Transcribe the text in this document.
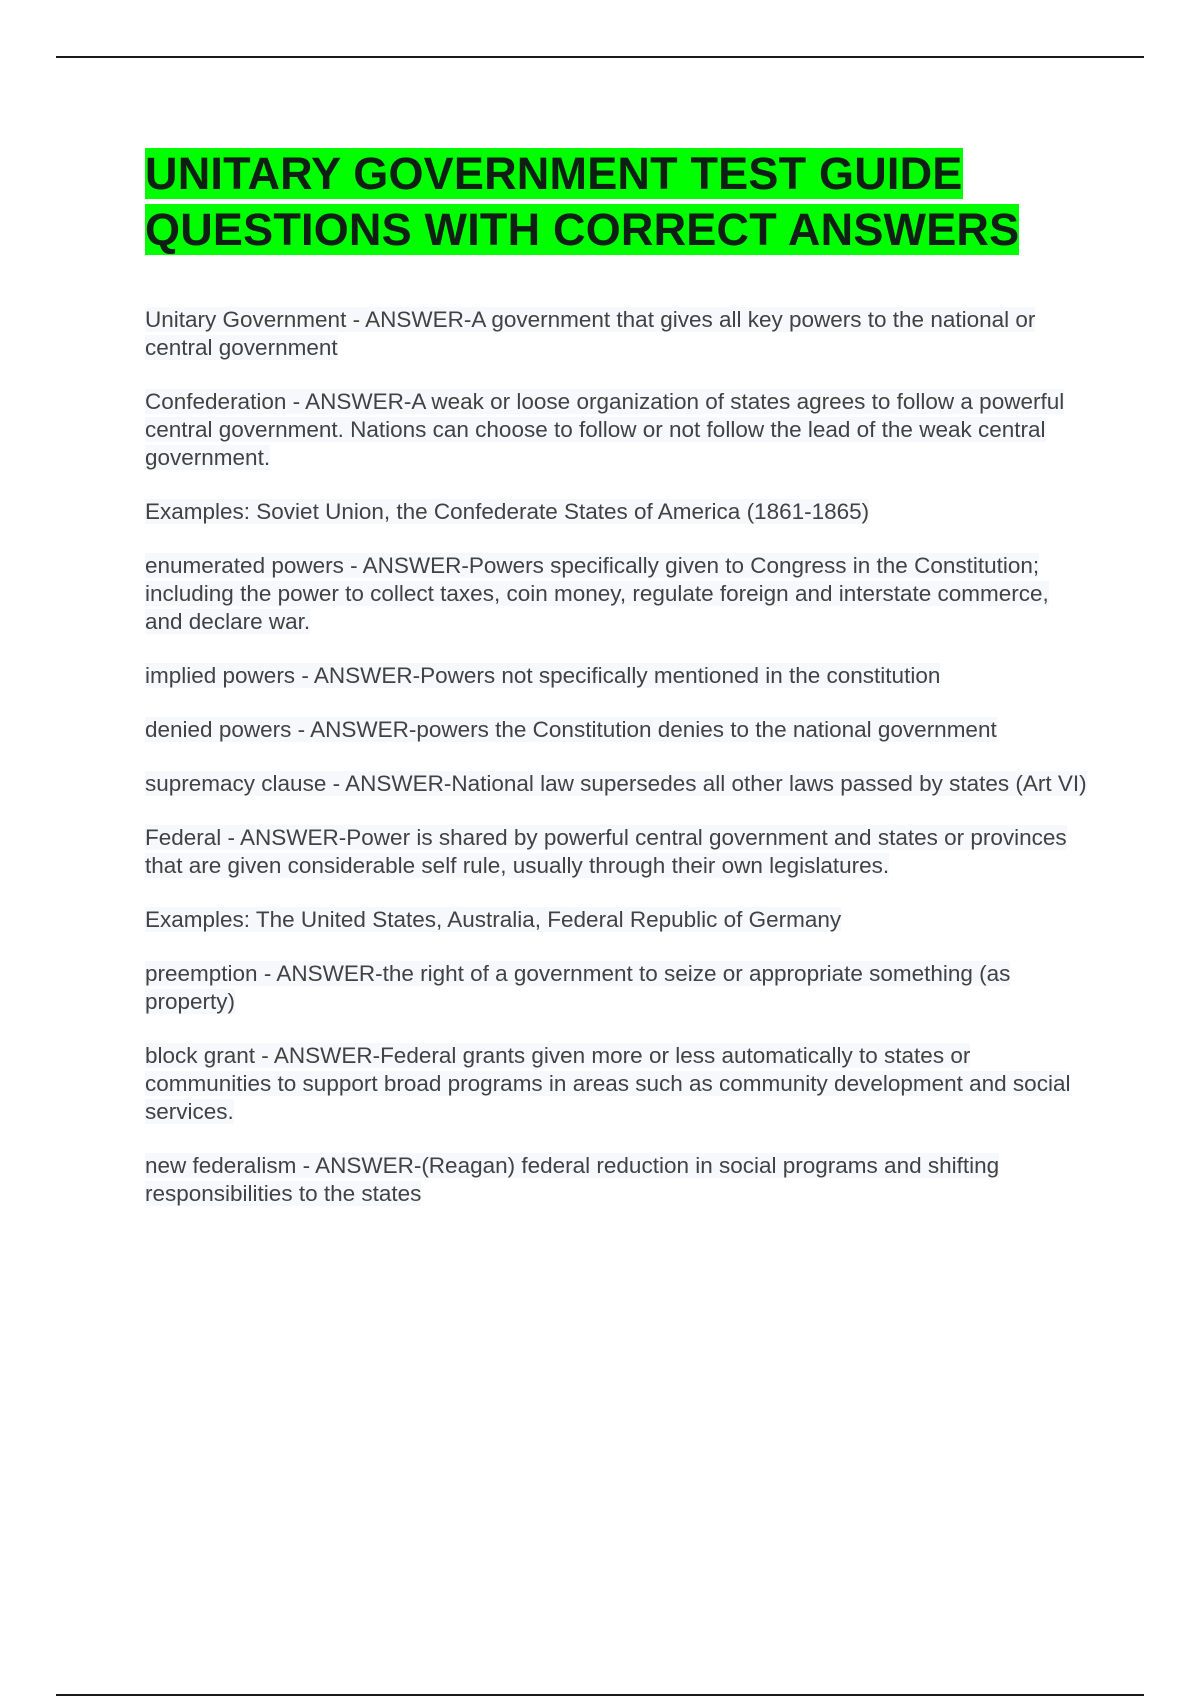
UNITARY GOVERNMENT TEST GUIDE
QUESTIONS WITH CORRECT ANSWERS

Unitary Government - ANSWER-A government that gives all key powers to the national or central government

Confederation - ANSWER-A weak or loose organization of states agrees to follow a powerful central government. Nations can choose to follow or not follow the lead of the weak central government.

Examples: Soviet Union, the Confederate States of America (1861-1865)

enumerated powers - ANSWER-Powers specifically given to Congress in the Constitution; including the power to collect taxes, coin money, regulate foreign and interstate commerce, and declare war.

implied powers - ANSWER-Powers not specifically mentioned in the constitution

denied powers - ANSWER-powers the Constitution denies to the national government

supremacy clause - ANSWER-National law supersedes all other laws passed by states (Art VI)

Federal - ANSWER-Power is shared by powerful central government and states or provinces that are given considerable self rule, usually through their own legislatures.

Examples: The United States, Australia, Federal Republic of Germany

preemption - ANSWER-the right of a government to seize or appropriate something (as property)

block grant - ANSWER-Federal grants given more or less automatically to states or communities to support broad programs in areas such as community development and social services.

new federalism - ANSWER-(Reagan) federal reduction in social programs and shifting responsibilities to the states
